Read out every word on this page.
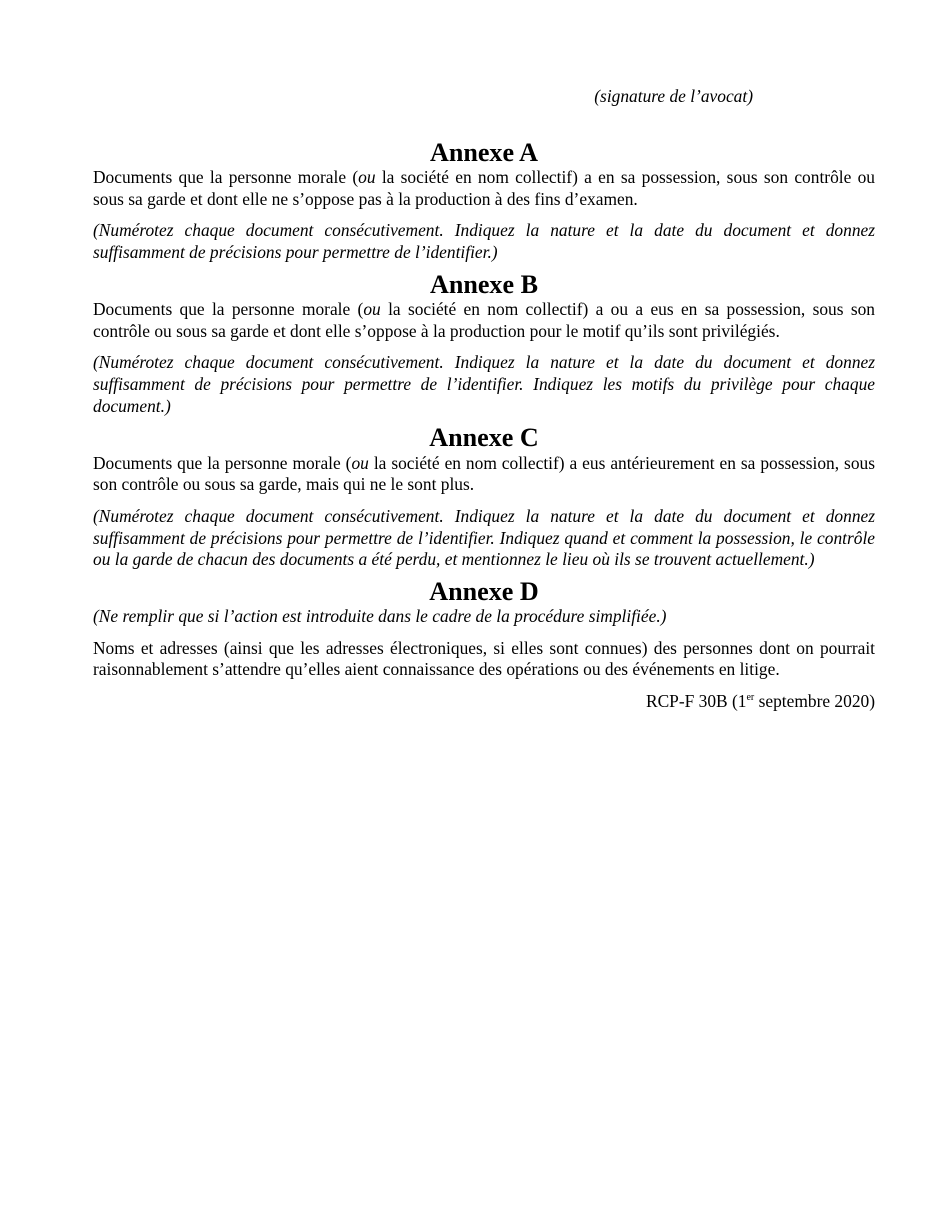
(signature de l’avocat)

Annexe A

Documents que la personne morale (ou la société en nom collectif) a en sa possession, sous son contrôle ou sous sa garde et dont elle ne s’oppose pas à la production à des fins d’examen.

(Numérotez chaque document consécutivement. Indiquez la nature et la date du document et donnez suffisamment de précisions pour permettre de l’identifier.)

Annexe B

Documents que la personne morale (ou la société en nom collectif) a ou a eus en sa possession, sous son contrôle ou sous sa garde et dont elle s’oppose à la production pour le motif qu’ils sont privilégiés.

(Numérotez chaque document consécutivement. Indiquez la nature et la date du document et donnez suffisamment de précisions pour permettre de l’identifier. Indiquez les motifs du privilège pour chaque document.)

Annexe C

Documents que la personne morale (ou la société en nom collectif) a eus antérieurement en sa possession, sous son contrôle ou sous sa garde, mais qui ne le sont plus.

(Numérotez chaque document consécutivement. Indiquez la nature et la date du document et donnez suffisamment de précisions pour permettre de l’identifier. Indiquez quand et comment la possession, le contrôle ou la garde de chacun des documents a été perdu, et mentionnez le lieu où ils se trouvent actuellement.)

Annexe D

(Ne remplir que si l’action est introduite dans le cadre de la procédure simplifiée.)

Noms et adresses (ainsi que les adresses électroniques, si elles sont connues) des personnes dont on pourrait raisonnablement s’attendre qu’elles aient connaissance des opérations ou des événements en litige.

RCP-F 30B (1er septembre 2020)
